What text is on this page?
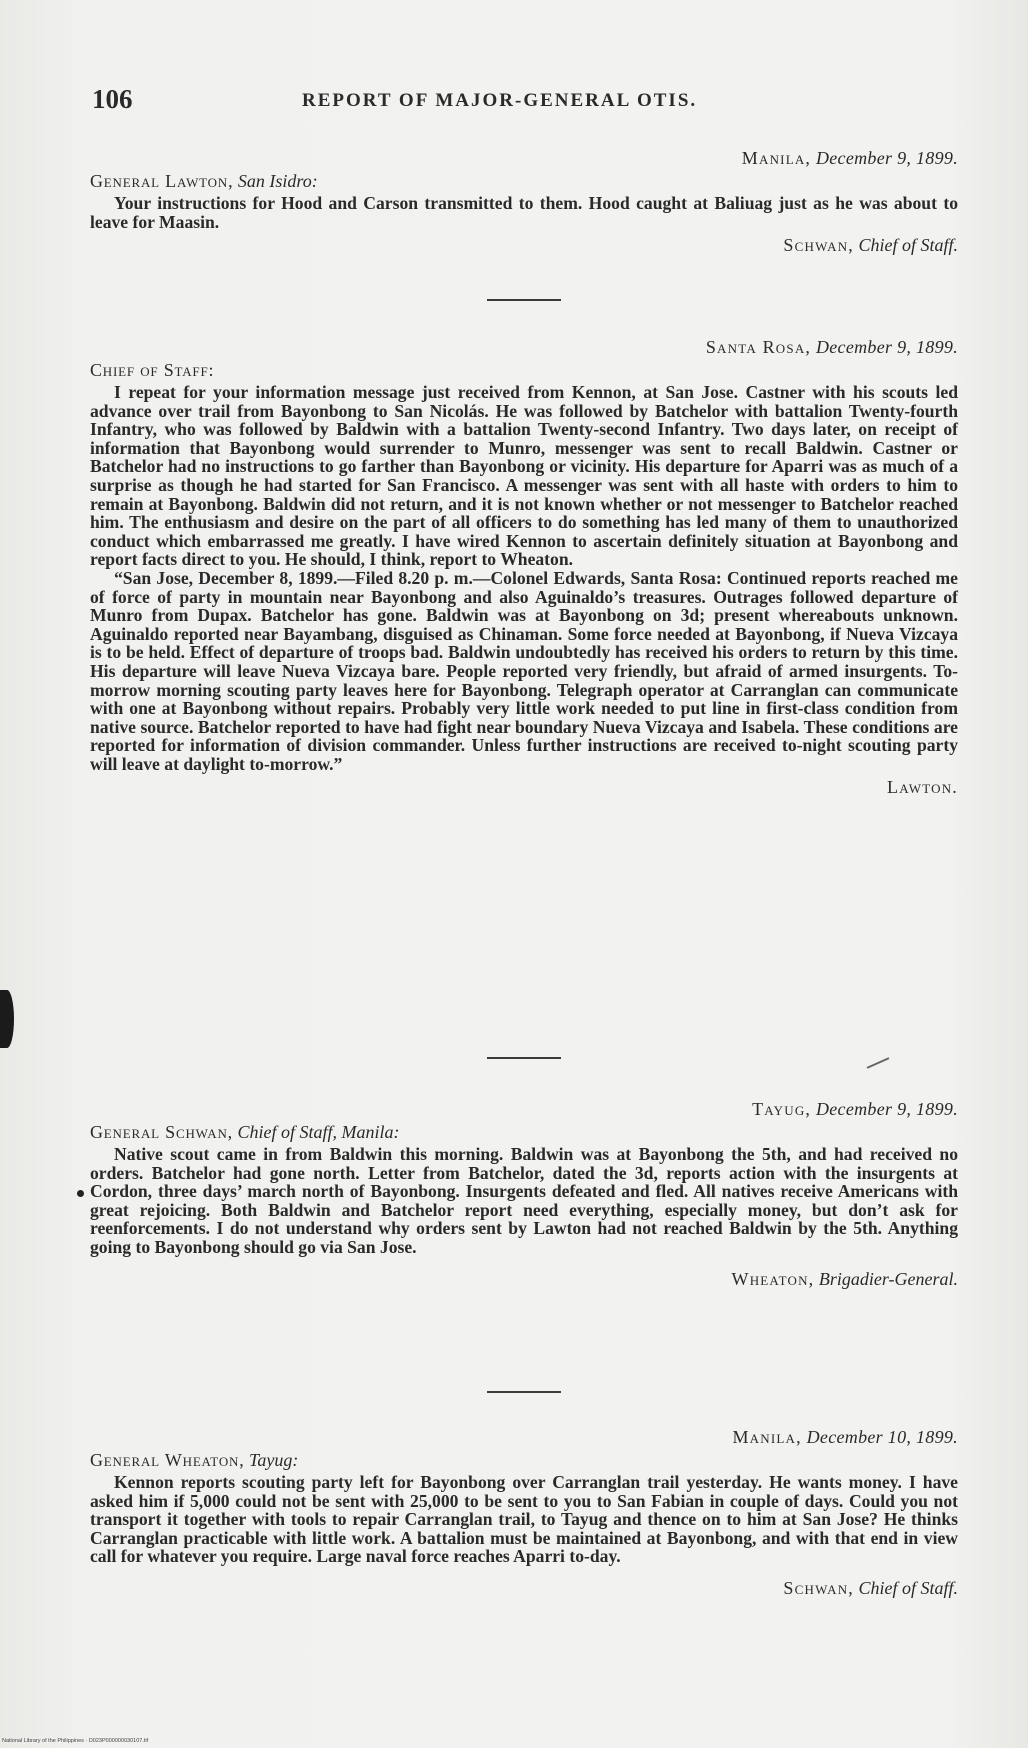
106	REPORT OF MAJOR-GENERAL OTIS.
Manila, December 9, 1899.
General Lawton, San Isidro:

Your instructions for Hood and Carson transmitted to them. Hood caught at Baliuag just as he was about to leave for Maasin.

Schwan, Chief of Staff.
Santa Rosa, December 9, 1899.
Chief of Staff:

I repeat for your information message just received from Kennon, at San Jose. Castner with his scouts led advance over trail from Bayonbong to San Nicolás. He was followed by Batchelor with battalion Twenty-fourth Infantry, who was followed by Baldwin with a battalion Twenty-second Infantry. Two days later, on receipt of information that Bayonbong would surrender to Munro, messenger was sent to recall Baldwin. Castner or Batchelor had no instructions to go farther than Bayonbong or vicinity. His departure for Aparri was as much of a surprise as though he had started for San Francisco. A messenger was sent with all haste with orders to him to remain at Bayonbong. Baldwin did not return, and it is not known whether or not messenger to Batchelor reached him. The enthusiasm and desire on the part of all officers to do something has led many of them to unauthorized conduct which embarrassed me greatly. I have wired Kennon to ascertain definitely situation at Bayonbong and report facts direct to you. He should, I think, report to Wheaton.

“San Jose, December 8, 1899.—Filed 8.20 p. m.—Colonel Edwards, Santa Rosa: Continued reports reached me of force of party in mountain near Bayonbong and also Aguinaldo’s treasures. Outrages followed departure of Munro from Dupax. Batchelor has gone. Baldwin was at Bayonbong on 3d; present whereabouts unknown. Aguinaldo reported near Bayambang, disguised as Chinaman. Some force needed at Bayonbong, if Nueva Vizcaya is to be held. Effect of departure of troops bad. Baldwin undoubtedly has received his orders to return by this time. His departure will leave Nueva Vizcaya bare. People reported very friendly, but afraid of armed insurgents. To-morrow morning scouting party leaves here for Bayonbong. Telegraph operator at Carranglan can communicate with one at Bayonbong without repairs. Probably very little work needed to put line in first-class condition from native source. Batchelor reported to have had fight near boundary Nueva Vizcaya and Isabela. These conditions are reported for information of division commander. Unless further instructions are received to-night scouting party will leave at daylight to-morrow.”

Lawton.
Tayug, December 9, 1899.
General Schwan, Chief of Staff, Manila:

Native scout came in from Baldwin this morning. Baldwin was at Bayonbong the 5th, and had received no orders. Batchelor had gone north. Letter from Batchelor, dated the 3d, reports action with the insurgents at Cordon, three days’ march north of Bayonbong. Insurgents defeated and fled. All natives receive Americans with great rejoicing. Both Baldwin and Batchelor report need everything, especially money, but don’t ask for reenforcements. I do not understand why orders sent by Lawton had not reached Baldwin by the 5th. Anything going to Bayonbong should go via San Jose.

Wheaton, Brigadier-General.
Manila, December 10, 1899.
General Wheaton, Tayug:

Kennon reports scouting party left for Bayonbong over Carranglan trail yesterday. He wants money. I have asked him if 5,000 could not be sent with 25,000 to be sent to you to San Fabian in couple of days. Could you not transport it together with tools to repair Carranglan trail, to Tayug and thence on to him at San Jose? He thinks Carranglan practicable with little work. A battalion must be maintained at Bayonbong, and with that end in view call for whatever you require. Large naval force reaches Aparri to-day.

Schwan, Chief of Staff.
National Library of the Philippines · D023P000000030107.tif
